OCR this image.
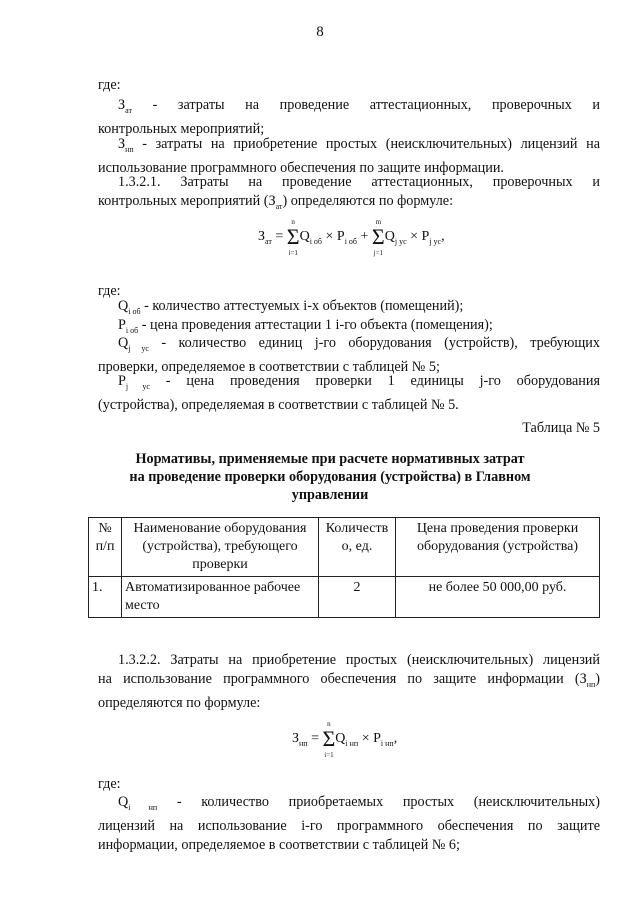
8
где:
$З_{ат}$ - затраты на проведение аттестационных, проверочных и
контрольных мероприятий;
$З_{нп}$ - затраты на приобретение простых (неисключительных) лицензий на
использование программного обеспечения по защите информации.
1.3.2.1. Затраты на проведение аттестационных, проверочных и
контрольных мероприятий $(З_{ат})$ определяются по формуле:
$З_{ат} = \Sigma$
n
i=1
$Q_{i об} \times P_{i об} + \Sigma$
m
j=1
$Q_{j ус} \times P_{j ус}$,
где:
$Q_{i об}$ - количество аттестуемых i-х объектов (помещений);
$P_{i об}$ - цена проведения аттестации 1 i-го объекта (помещения);
$Q_{j ус}$ - количество единиц j-го оборудования (устройств), требующих
проверки, определяемое в соответствии с таблицей № 5;
$P_{j ус}$ - цена проведения проверки 1 единицы j-го оборудования
(устройства), определяемая в соответствии с таблицей № 5.
Таблица № 5
Нормативы, применяемые при расчете нормативных затрат
на проведение проверки оборудования (устройства) в Главном
управлении
№
п/п	Наименование оборудования
(устройства), требующего
проверки	Количеств
о, ед.	Цена проведения проверки
оборудования (устройства)

1.	Автоматизированное рабочее
место	2	не более 50 000,00 руб.
1.3.2.2. Затраты на приобретение простых (неисключительных) лицензий
на использование программного обеспечения по защите информации $(З_{нп})$
определяются по формуле:
$З_{нп} = \Sigma$
n
i=1
$Q_{i нп} \times P_{i нп}$,
где:
$Q_{i нп}$ - количество приобретаемых простых (неисключительных)
лицензий на использование i-го программного обеспечения по защите
информации, определяемое в соответствии с таблицей № 6;
